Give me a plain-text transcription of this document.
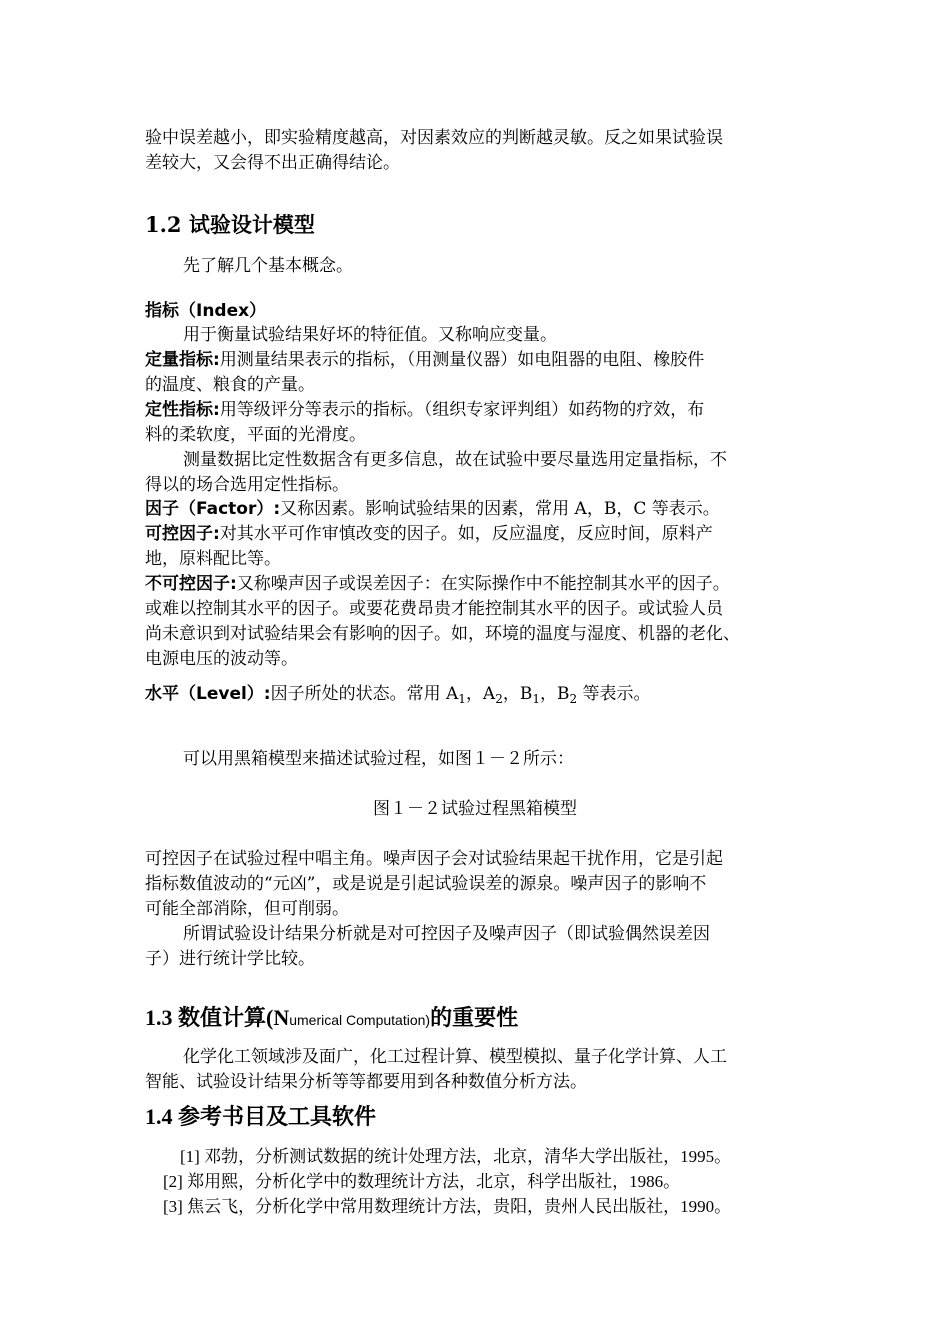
验中误差越小，即实验精度越高，对因素效应的判断越灵敏。反之如果试验误
差较大，又会得不出正确得结论。
1.2 试验设计模型
先了解几个基本概念。
指标（Index）
用于衡量试验结果好坏的特征值。又称响应变量。
定量指标:用测量结果表示的指标，（用测量仪器）如电阻器的电阻、橡胶件
的温度、粮食的产量。
定性指标:用等级评分等表示的指标。（组织专家评判组）如药物的疗效，布
料的柔软度，平面的光滑度。
测量数据比定性数据含有更多信息，故在试验中要尽量选用定量指标，不
得以的场合选用定性指标。
因子（Factor）:又称因素。影响试验结果的因素，常用 A，B，C 等表示。
可控因子:对其水平可作审慎改变的因子。如，反应温度，反应时间，原料产
地，原料配比等。
不可控因子:又称噪声因子或误差因子：在实际操作中不能控制其水平的因子。
或难以控制其水平的因子。或要花费昂贵才能控制其水平的因子。或试验人员
尚未意识到对试验结果会有影响的因子。如，环境的温度与湿度、机器的老化、
电源电压的波动等。
水平（Level）:因子所处的状态。常用 $A_1$，$A_2$，$B_1$，$B_2$ 等表示。
可以用黑箱模型来描述试验过程，如图１－２所示：
图１－２试验过程黑箱模型
可控因子在试验过程中唱主角。噪声因子会对试验结果起干扰作用，它是引起
指标数值波动的“元凶”，或是说是引起试验误差的源泉。噪声因子的影响不
可能全部消除，但可削弱。
所谓试验设计结果分析就是对可控因子及噪声因子（即试验偶然误差因
子）进行统计学比较。
1.3 数值计算(Numerical Computation)的重要性
化学化工领域涉及面广，化工过程计算、模型模拟、量子化学计算、人工
智能、试验设计结果分析等等都要用到各种数值分析方法。
1.4 参考书目及工具软件
[1] 邓勃，分析测试数据的统计处理方法，北京，清华大学出版社，1995。
[2] 郑用熙，分析化学中的数理统计方法，北京，科学出版社，1986。
[3] 焦云飞，分析化学中常用数理统计方法，贵阳，贵州人民出版社，1990。
